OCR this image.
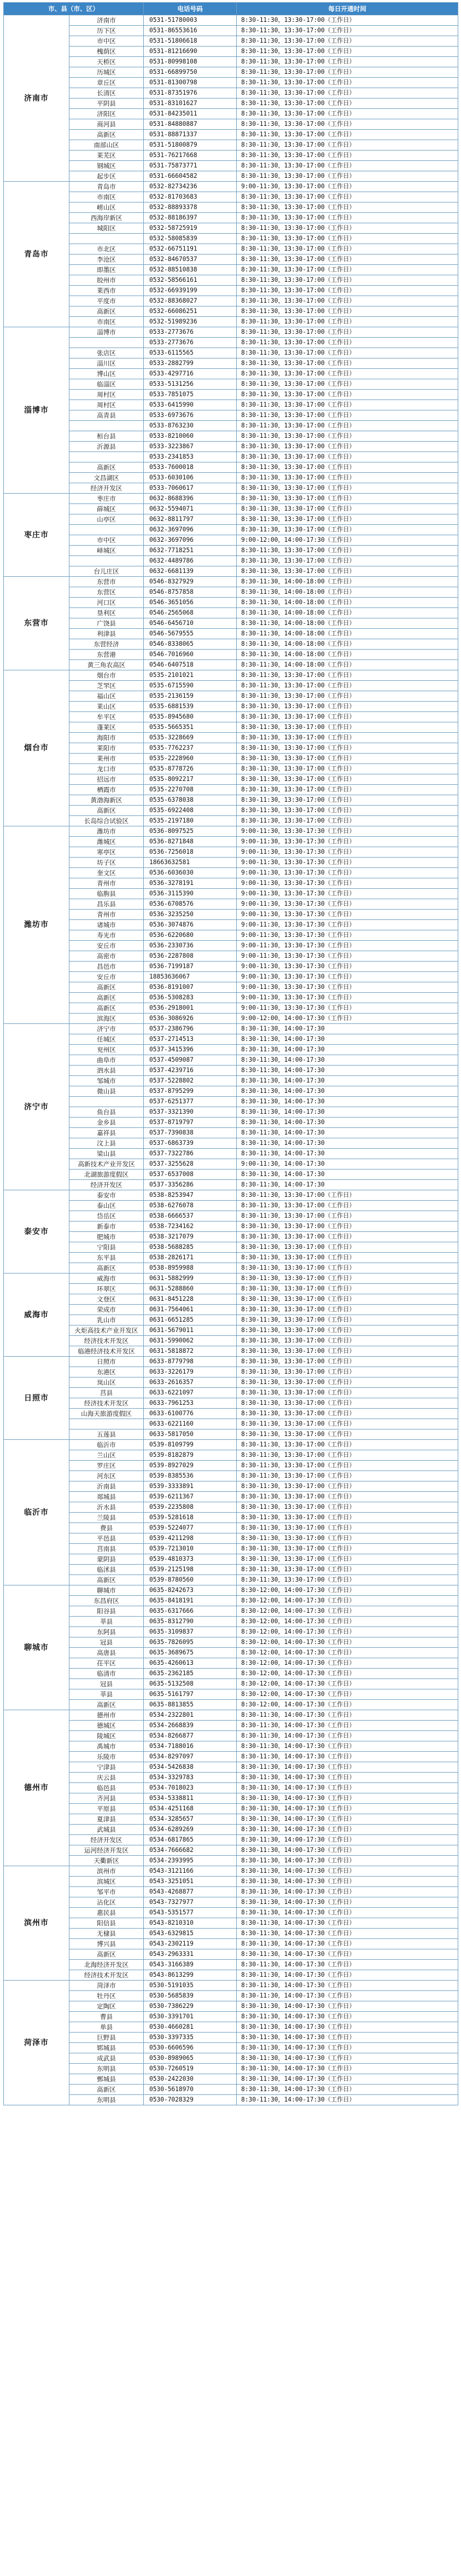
市、县（市、区）		电话号码	每日开通时间
济南市	济南市	0531-51780003	8:30-11:30，13:30-17:00（工作日）
	历下区	0531-86553616	8:30-11:30，13:30-17:00（工作日）
	市中区	0531-51806618	8:30-11:30，13:30-17:00（工作日）
	槐荫区	0531-81216690	8:30-11:30，13:30-17:00（工作日）
	天桥区	0531-80998108	8:30-11:30，13:30-17:00（工作日）
	历城区	0531-66899750	8:30-11:30，13:30-17:00（工作日）
	章丘区	0531-81300798	8:30-11:30，13:30-17:00（工作日）
	长清区	0531-87351976	8:30-11:30，13:30-17:00（工作日）
	平阴县	0531-83101627	8:30-11:30，13:30-17:00（工作日）
	济阳区	0531-84235011	8:30-11:30，13:30-17:00（工作日）
	商河县	0531-84880887	8:30-11:30，13:30-17:00（工作日）
	高新区	0531-88871337	8:30-11:30，13:30-17:00（工作日）
	南部山区	0531-51800879	8:30-11:30，13:30-17:00（工作日）
	莱芜区	0531-76217668	8:30-11:30，13:30-17:00（工作日）
	钢城区	0531-75873771	8:30-11:30，13:30-17:00（工作日）
	起步区	0531-66604582	8:30-11:30，13:30-17:00（工作日）
青岛市	青岛市	0532-82734236	9:00-11:30，13:30-17:00（工作日）
	市南区	0532-81703683	8:30-11:30，13:30-17:00（工作日）
	崂山区	0532-88893378	8:30-11:30，13:30-17:00（工作日）
	西海岸新区	0532-88186397	8:30-11:30，13:30-17:00（工作日）
	城阳区	0532-58725919	8:30-11:30，13:30-17:00（工作日）
		0532-58085839	8:30-11:30，13:30-17:00（工作日）
	市北区	0532-66751191	8:30-11:30，13:30-17:00（工作日）
	李沧区	0532-84670537	8:30-11:30，13:30-17:00（工作日）
	即墨区	0532-88510838	8:30-11:30，13:30-17:00（工作日）
	胶州市	0532-58566161	8:30-11:30，13:30-17:00（工作日）
	莱西市	0532-66939199	8:30-11:30，13:30-17:00（工作日）
	平度市	0532-88368027	8:30-11:30，13:30-17:00（工作日）
	高新区	0532-66086251	8:30-11:30，13:30-17:00（工作日）
	市南区	0532-51989236	8:30-11:30，13:30-17:00（工作日）
淄博市	淄博市	0533-2773676	8:30-11:30，13:30-17:00（工作日）
		0533-2773676	8:30-11:30，13:30-17:00（工作日）
	张店区	0533-6115565	8:30-11:30，13:30-17:00（工作日）
	淄川区	0533-2882799	8:30-11:30，13:30-17:00（工作日）
	博山区	0533-4297716	8:30-11:30，13:30-17:00（工作日）
	临淄区	0533-5131256	8:30-11:30，13:30-17:00（工作日）
	周村区	0533-7851075	8:30-11:30，13:30-17:00（工作日）
	周村区	0533-6415990	8:30-11:30，13:30-17:00（工作日）
	高青县	0533-6973676	8:30-11:30，13:30-17:00（工作日）
		0533-8763230	8:30-11:30，13:30-17:00（工作日）
	桓台县	0533-8210060	8:30-11:30，13:30-17:00（工作日）
	沂源县	0533-3223867	8:30-11:30，13:30-17:00（工作日）
		0533-2341853	8:30-11:30，13:30-17:00（工作日）
	高新区	0533-7600018	8:30-11:30，13:30-17:00（工作日）
	文昌湖区	0533-6030106	8:30-11:30，13:30-17:00（工作日）
	经济开发区	0533-7060617	8:30-11:30，13:30-17:00（工作日）
枣庄市	枣庄市	0632-8688396	8:30-11:30，13:30-17:00（工作日）
	薛城区	0632-5594071	8:30-11:30，13:30-17:00（工作日）
	山亭区	0632-8811797	8:30-11:30，13:30-17:00（工作日）
		0632-3697096	8:30-11:30，13:30-17:00（工作日）
	市中区	0632-3697096	9:00-12:00，14:00-17:30（工作日）
	峄城区	0632-7718251	8:30-11:30，13:30-17:00（工作日）
		0632-4489786	8:30-11:30，13:30-17:00（工作日）
	台儿庄区	0632-6681139	8:30-11:30，13:30-17:00（工作日）
东营市	东营市	0546-8327929	8:30-11:30，14:00-18:00（工作日）
	东营区	0546-8757858	8:30-11:30，14:00-18:00（工作日）
	河口区	0546-3651056	8:30-11:30，14:00-18:00（工作日）
	垦利区	0546-2565068	8:30-11:30，14:00-18:00（工作日）
	广饶县	0546-6456710	8:30-11:30，14:00-18:00（工作日）
	利津县	0546-5679555	8:30-11:30，14:00-18:00（工作日）
	东营经济	0546-8338065	8:30-11:30，14:00-18:00（工作日）
	东营港	0546-7016960	8:30-11:30，14:00-18:00（工作日）
	黄三角农高区	0546-6407518	8:30-11:30，14:00-18:00（工作日）
烟台市	烟台市	0535-2101021	8:30-11:30，13:30-17:00（工作日）
	芝罘区	0535-6715590	8:30-11:30，13:30-17:00（工作日）
	福山区	0535-2136159	8:30-11:30，13:30-17:00（工作日）
	莱山区	0535-6881539	8:30-11:30，13:30-17:00（工作日）
	牟平区	0535-8945680	8:30-11:30，13:30-17:00（工作日）
	蓬莱区	0535-5665351	8:30-11:30，13:30-17:00（工作日）
	海阳市	0535-3228669	8:30-11:30，13:30-17:00（工作日）
	莱阳市	0535-7762237	8:30-11:30，13:30-17:00（工作日）
	莱州市	0535-2228960	8:30-11:30，13:30-17:00（工作日）
	龙口市	0535-8778726	8:30-11:30，13:30-17:00（工作日）
	招远市	0535-8092217	8:30-11:30，13:30-17:00（工作日）
	栖霞市	0535-2270708	8:30-11:30，13:30-17:00（工作日）
	黄渤海新区	0535-6378038	8:30-11:30，13:30-17:00（工作日）
	高新区	0535-6922408	8:30-11:30，13:30-17:00（工作日）
	长岛综合试验区	0535-2197180	8:30-11:30，13:30-17:00（工作日）
潍坊市	潍坊市	0536-8097525	9:00-11:30，13:30-17:30（工作日）
	潍城区	0536-8271848	9:00-11:30，13:30-17:30（工作日）
	寒亭区	0536-7256018	9:00-11:30，13:30-17:30（工作日）
	坊子区	18663632581	9:00-11:30，13:30-17:30（工作日）
	奎文区	0536-6036030	9:00-11:30，13:30-17:30（工作日）
	青州市	0536-3278191	9:00-11:30，13:30-17:30（工作日）
	临朐县	0536-3115390	9:00-11:30，13:30-17:30（工作日）
	昌乐县	0536-6708576	9:00-11:30，13:30-17:30（工作日）
	青州市	0536-3235250	9:00-11:30，13:30-17:30（工作日）
	诸城市	0536-3074876	9:00-11:30，13:30-17:30（工作日）
	寿光市	0536-6220680	9:00-11:30，13:30-17:30（工作日）
	安丘市	0536-2330736	9:00-11:30，13:30-17:30（工作日）
	高密市	0536-2287808	9:00-11:30，13:30-17:30（工作日）
	昌邑市	0536-7199187	9:00-11:30，13:30-17:30（工作日）
	安丘市	18853636067	9:00-11:30，13:30-17:30（工作日）
	高新区	0536-8191007	9:00-11:30，13:30-17:30（工作日）
	高新区	0536-5308283	9:00-11:30，13:30-17:30（工作日）
	高新区	0536-2918001	9:00-11:30，13:30-17:30（工作日）
	滨海区	0536-3086926	9:00-12:00，14:00-17:30（工作日）
济宁市	济宁市	0537-2386796	8:30-11:30，14:00-17:30
	任城区	0537-2714513	8:30-11:30，14:00-17:30
	兖州区	0537-3415396	8:30-11:30，14:00-17:30
	曲阜市	0537-4509087	8:30-11:30，14:00-17:30
	泗水县	0537-4239716	8:30-11:30，14:00-17:30
	邹城市	0537-5228802	8:30-11:30，14:00-17:30
	微山县	0537-8795299	8:30-11:30，14:00-17:30
		0537-6251377	8:30-11:30，14:00-17:30
	鱼台县	0537-3321390	8:30-11:30，14:00-17:30
	金乡县	0537-8719797	8:30-11:30，14:00-17:30
	嘉祥县	0537-7390838	8:30-11:30，14:00-17:30
	汶上县	0537-6863739	8:30-11:30，14:00-17:30
	梁山县	0537-7322786	8:30-11:30，14:00-17:30
	高新技术产业开发区	0537-3255628	9:00-11:30，14:00-17:30
	北湖旅游度假区	0537-6537008	8:30-11:30，14:00-17:30
	经济开发区	0537-3356286	8:30-11:30，14:00-17:30
泰安市	泰安市	0538-8253947	8:30-11:30，13:30-17:00（工作日）
	泰山区	0538-6276078	8:30-11:30，13:30-17:00（工作日）
	岱岳区	0538-6666537	8:30-11:30，13:30-17:00（工作日）
	新泰市	0538-7234162	8:30-11:30，13:30-17:00（工作日）
	肥城市	0538-3217079	8:30-11:30，13:30-17:00（工作日）
	宁阳县	0538-5688285	8:30-11:30，13:30-17:00（工作日）
	东平县	0538-2826171	8:30-11:30，13:30-17:00（工作日）
	高新区	0538-8959988	8:30-11:30，13:30-17:00（工作日）
威海市	威海市	0631-5882999	8:30-11:30，13:30-17:00（工作日）
	环翠区	0631-5288860	8:30-11:30，13:30-17:00（工作日）
	文登区	0631-8451228	8:30-11:30，13:30-17:00（工作日）
	荣成市	0631-7564061	8:30-11:30，13:30-17:00（工作日）
	乳山市	0631-6651285	8:30-11:30，13:30-17:00（工作日）
	火炬高技术产业开发区	0631-5679011	8:30-11:30，13:30-17:00（工作日）
	经济技术开发区	0631-5990062	8:30-11:30，13:30-17:00（工作日）
	临港经济技术开发区	0631-5818872	8:30-11:30，13:30-17:00（工作日）
日照市	日照市	0633-8779798	8:30-11:30，13:30-17:00（工作日）
	东港区	0633-3226179	8:30-11:30，13:30-17:00（工作日）
	岚山区	0633-2616357	8:30-11:30，13:30-17:00（工作日）
	莒县	0633-6221097	8:30-11:30，13:30-17:00（工作日）
	经济技术开发区	0633-7961253	8:30-11:30，13:30-17:00（工作日）
	山海天旅游度假区	0633-6100776	8:30-11:30，13:30-17:00（工作日）
		0633-6221160	8:30-11:30，13:30-17:00（工作日）
	五莲县	0633-5817050	8:30-11:30，13:30-17:00（工作日）
临沂市	临沂市	0539-8109799	8:30-11:30，13:30-17:00（工作日）
	兰山区	0539-8182879	8:30-11:30，13:30-17:00（工作日）
	罗庄区	0539-8927029	8:30-11:30，13:30-17:00（工作日）
	河东区	0539-8385536	8:30-11:30，13:30-17:00（工作日）
	沂南县	0539-3333891	8:30-11:30，13:30-17:00（工作日）
	郯城县	0539-6211367	8:30-11:30，13:30-17:00（工作日）
	沂水县	0539-2235808	8:30-11:30，13:30-17:00（工作日）
	兰陵县	0539-5281618	8:30-11:30，13:30-17:00（工作日）
	费县	0539-5224077	8:30-11:30，13:30-17:00（工作日）
	平邑县	0539-4211298	8:30-11:30，13:30-17:00（工作日）
	莒南县	0539-7213010	8:30-11:30，13:30-17:00（工作日）
	蒙阴县	0539-4810373	8:30-11:30，13:30-17:00（工作日）
	临沭县	0539-2125198	8:30-11:30，13:30-17:00（工作日）
	高新区	0539-8780560	8:30-11:30，13:30-17:00（工作日）
聊城市	聊城市	0635-8242673	8:30-12:00，14:00-17:30（工作日）
	东昌府区	0635-8418191	8:30-12:00，14:00-17:30（工作日）
	阳谷县	0635-6317666	8:30-12:00，14:00-17:30（工作日）
	莘县	0635-8312790	8:30-12:00，14:00-17:30（工作日）
	东阿县	0635-3109837	8:30-12:00，14:00-17:30（工作日）
	冠县	0635-7826095	8:30-12:00，14:00-17:30（工作日）
	高唐县	0635-3689675	8:30-12:00，14:00-17:30（工作日）
	茌平区	0635-4260613	8:30-12:00，14:00-17:30（工作日）
	临清市	0635-2362185	8:30-12:00，14:00-17:30（工作日）
	冠县	0635-5132508	8:30-12:00，14:00-17:30（工作日）
	莘县	0635-5161797	8:30-12:00，14:00-17:30（工作日）
	高新区	0635-8813855	8:30-12:00，14:00-17:30（工作日）
德州市	德州市	0534-2322801	8:30-11:30，14:00-17:30（工作日）
	德城区	0534-2668839	8:30-11:30，14:00-17:30（工作日）
	陵城区	0534-8266877	8:30-11:30，14:00-17:30（工作日）
	禹城市	0534-7188016	8:30-11:30，14:00-17:30（工作日）
	乐陵市	0534-8297097	8:30-11:30，14:00-17:30（工作日）
	宁津县	0534-5426838	8:30-11:30，14:00-17:30（工作日）
	庆云县	0534-3329783	8:30-11:30，14:00-17:30（工作日）
	临邑县	0534-7018023	8:30-11:30，14:00-17:30（工作日）
	齐河县	0534-5338811	8:30-11:30，14:00-17:30（工作日）
	平原县	0534-4251168	8:30-11:30，14:00-17:30（工作日）
	夏津县	0534-3285657	8:30-11:30，14:00-17:30（工作日）
	武城县	0534-6289269	8:30-11:30，14:00-17:30（工作日）
	经济开发区	0534-6817865	8:30-11:30，14:00-17:30（工作日）
	运河经济开发区	0534-7666682	8:30-11:30，14:00-17:30（工作日）
	天衢新区	0534-2393995	8:30-11:30，14:00-17:30（工作日）
滨州市	滨州市	0543-3121166	8:30-11:30，14:00-17:30（工作日）
	滨城区	0543-3251051	8:30-11:30，14:00-17:30（工作日）
	邹平市	0543-4268877	8:30-11:30，14:00-17:30（工作日）
	沾化区	0543-7327977	8:30-11:30，14:00-17:30（工作日）
	惠民县	0543-5351577	8:30-11:30，14:00-17:30（工作日）
	阳信县	0543-8210310	8:30-11:30，14:00-17:30（工作日）
	无棣县	0543-6329815	8:30-11:30，14:00-17:30（工作日）
	博兴县	0543-2302119	8:30-11:30，14:00-17:30（工作日）
	高新区	0543-2963331	8:30-11:30，14:00-17:30（工作日）
	北海经济开发区	0543-3166389	8:30-11:30，14:00-17:30（工作日）
	经济技术开发区	0543-8613299	8:30-11:30，14:00-17:30（工作日）
菏泽市	菏泽市	0530-5191035	8:30-11:30，14:00-17:30（工作日）
	牡丹区	0530-5685839	8:30-11:30，14:00-17:30（工作日）
	定陶区	0530-7386229	8:30-11:30，14:00-17:30（工作日）
	曹县	0530-3391701	8:30-11:30，14:00-17:30（工作日）
	单县	0530-4660281	8:30-11:30，14:00-17:30（工作日）
	巨野县	0530-3397335	8:30-11:30，14:00-17:30（工作日）
	郓城县	0530-6606596	8:30-11:30，14:00-17:30（工作日）
	成武县	0530-8989065	8:30-11:30，14:00-17:30（工作日）
	东明县	0530-7260519	8:30-11:30，14:00-17:30（工作日）
	鄄城县	0530-2422030	8:30-11:30，14:00-17:30（工作日）
	高新区	0530-5618970	8:30-11:30，14:00-17:30（工作日）
	东明县	0530-7028329	8:30-11:30，14:00-17:30（工作日）
